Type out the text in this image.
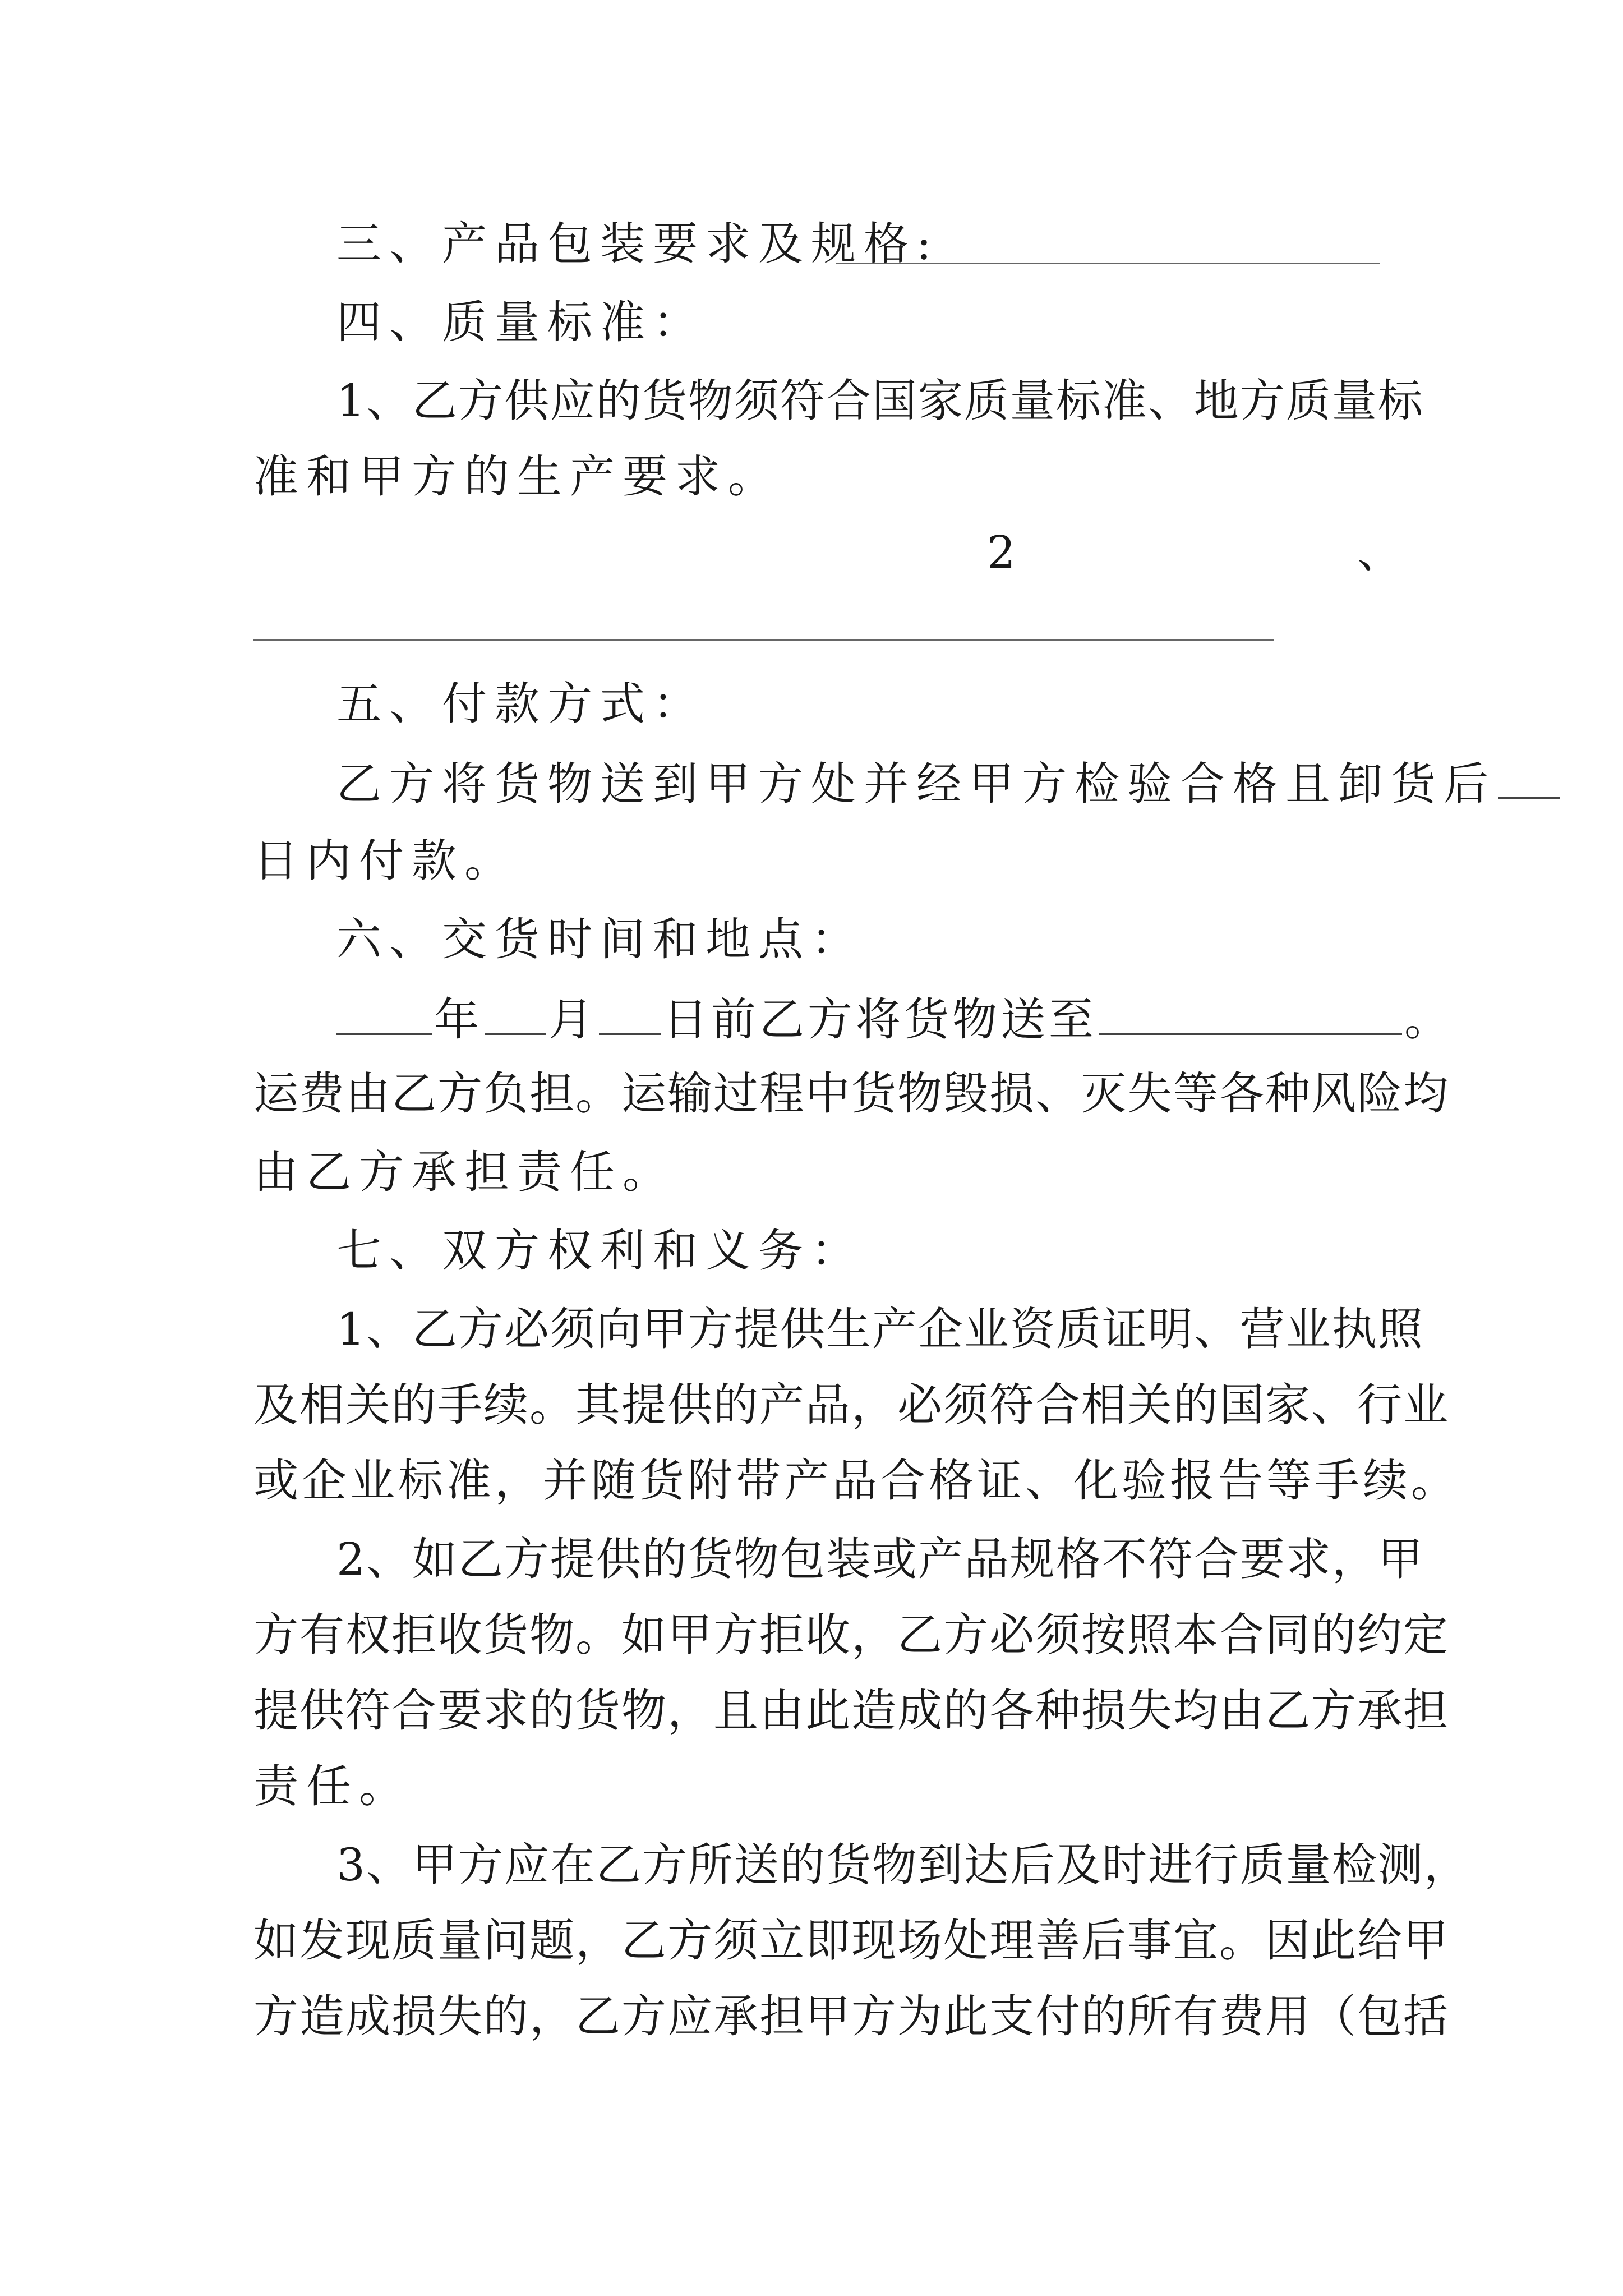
三、产品包装要求及规格:
四、质量标准：
1、乙方供应的货物须符合国家质量标准、地方质量标
准和甲方的生产要求。
2	、
五、付款方式：
乙方将货物送到甲方处并经甲方检验合格且卸货后
日内付款。
六、交货时间和地点：
年 月 日前乙方将货物送至	。
运费由乙方负担。运输过程中货物毁损、灭失等各种风险均
由乙方承担责任。
七、双方权利和义务：
1、乙方必须向甲方提供生产企业资质证明、营业执照
及相关的手续。其提供的产品，必须符合相关的国家、行业
或企业标准，并随货附带产品合格证、化验报告等手续。
2、如乙方提供的货物包装或产品规格不符合要求，甲
方有权拒收货物。如甲方拒收，乙方必须按照本合同的约定
提供符合要求的货物，且由此造成的各种损失均由乙方承担
责任。
3、甲方应在乙方所送的货物到达后及时进行质量检测，
如发现质量问题，乙方须立即现场处理善后事宜。因此给甲
方造成损失的，乙方应承担甲方为此支付的所有费用（包括
